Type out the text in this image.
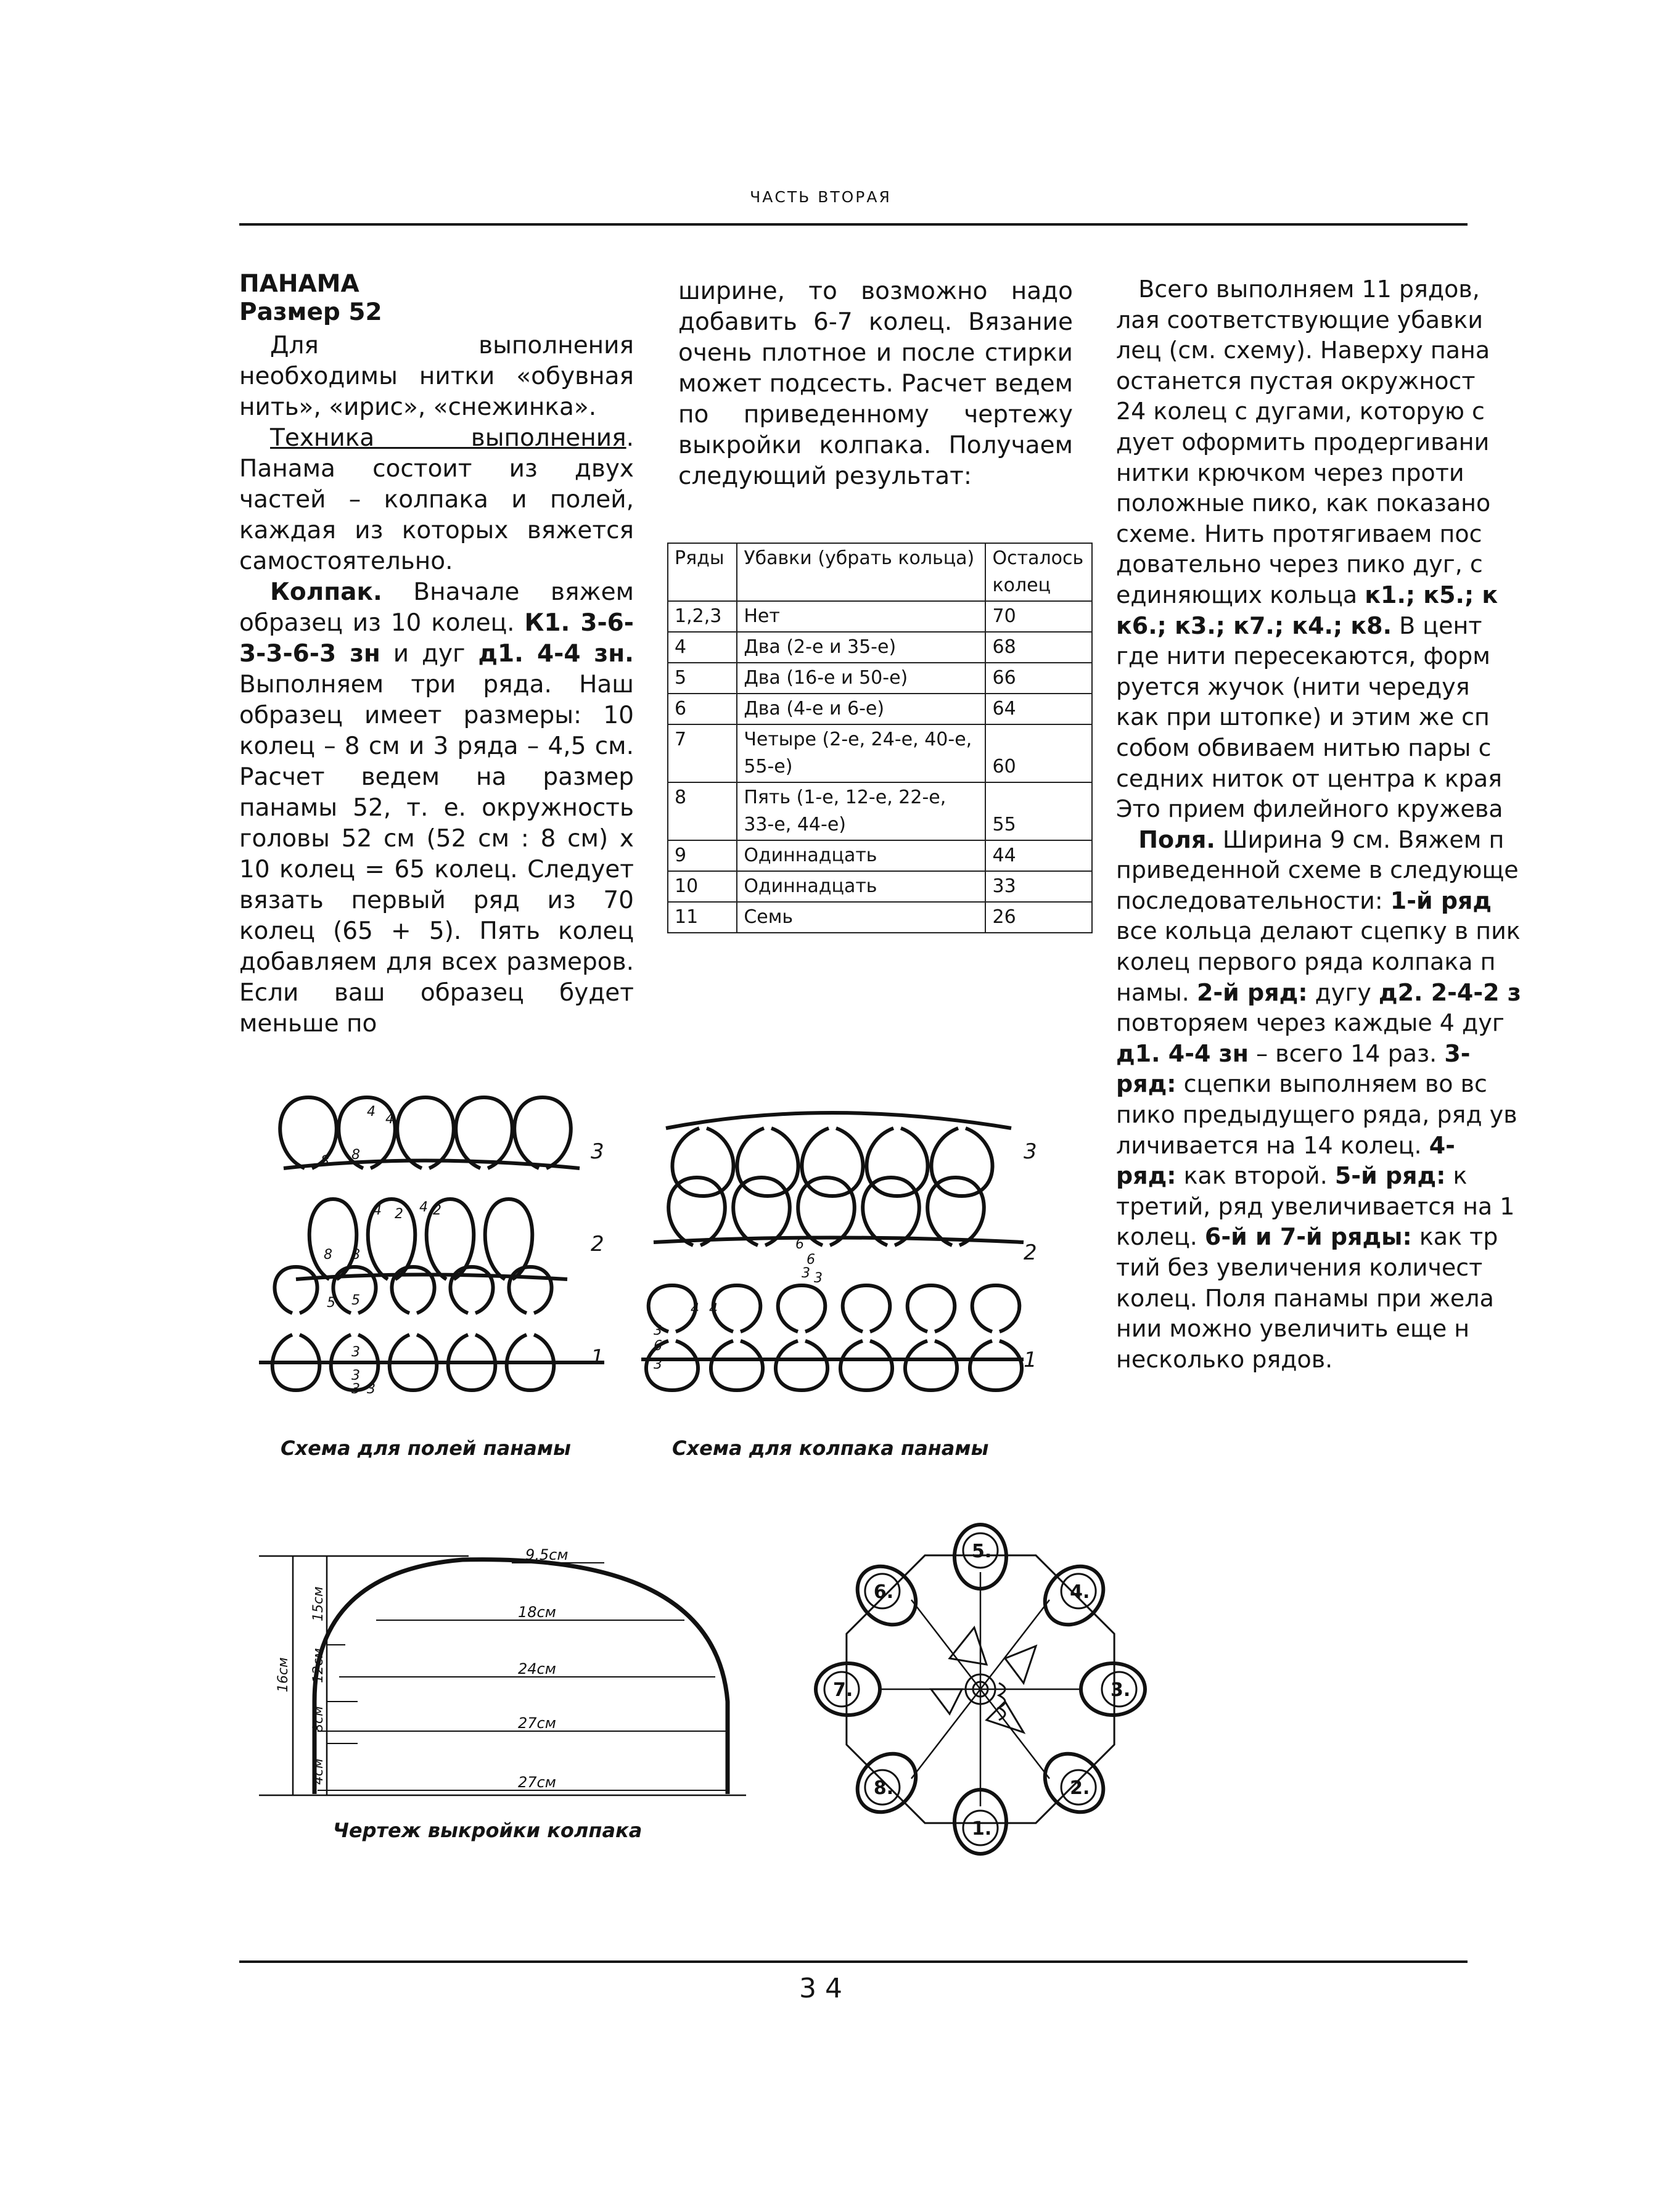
ЧАСТЬ ВТОРАЯ
ПАНАМА
Размер 52

Для выполнения необходимы нитки «обувная нить», «ирис», «снежинка».

Техника выполнения. Панама состоит из двух частей – колпака и полей, каждая из которых вяжется самостоятельно.

Колпак. Вначале вяжем образец из 10 колец. К1. 3-6-3-3-6-3 зн и дуг д1. 4-4 зн. Выполняем три ряда. Наш образец имеет размеры: 10 колец – 8 см и 3 ряда – 4,5 см. Расчет ведем на размер панамы 52, т. е. окружность головы 52 см (52 см : 8 см) х 10 колец = 65 колец. Следует вязать первый ряд из 70 колец (65 + 5). Пять колец добавляем для всех размеров. Если ваш образец будет меньше по

ширине, то возможно надо добавить 6-7 колец. Вязание очень плотное и после стирки может подсесть. Расчет ведем по приведенному чертежу выкройки колпака. Получаем следующий результат:

Ряды	Убавки (убрать кольца)	Осталось колец
1,2,3	Нет	70
4	Два (2-е и 35-е)	68
5	Два (16-е и 50-е)	66
6	Два (4-е и 6-е)	64
7	Четыре (2-е, 24-е, 40-е, 55-е)	60
8	Пять (1-е, 12-е, 22-е, 33-е, 44-е)	55
9	Одиннадцать	44
10	Одиннадцать	33
11	Семь	26
Всего выполняем 11 рядов,
лая соответствующие убавки
лец (см. схему). Наверху пана
останется пустая окружност
24 колец с дугами, которую с
дует оформить продергивани
нитки крючком через проти
положные пико, как показано
схеме. Нить протягиваем пос
довательно через пико дуг, с
единяющих кольца к1.; к5.; к
к6.; к3.; к7.; к4.; к8. В цент
где нити пересекаются, форм
руется жучок (нити чередуя
как при штопке) и этим же сп
собом обвиваем нитью пары с
седних ниток от центра к края
Это прием филейного кружева
Поля. Ширина 9 см. Вяжем п
приведенной схеме в следующе
последовательности: 1-й ряд
все кольца делают сцепку в пик
колец первого ряда колпака п
намы. 2-й ряд: дугу д2. 2-4-2 з
повторяем через каждые 4 дуг
д1. 4-4 зн – всего 14 раз. 3-
ряд: сцепки выполняем во вс
пико предыдущего ряда, ряд ув
личивается на 14 колец. 4-
ряд: как второй. 5-й ряд: к
третий, ряд увеличивается на 1
колец. 6-й и 7-й ряды: как тр
тий без увеличения количест
колец. Поля панамы при жела
нии можно увеличить еще н
несколько рядов.
4 4
8 8
4 2 4 2
8 8
5 5
3
3
3 3
3
2
1
Схема для полей панамы
3
6
3
4 4
6
6
3 3
3
2
1
Схема для колпака панамы
9,5см
18см
24см
27см
27см
15см
12см
8см
4см
16см
Чертеж выкройки колпака
5.
4.
3.
2.
1.
8.
7.
6.
3 4
